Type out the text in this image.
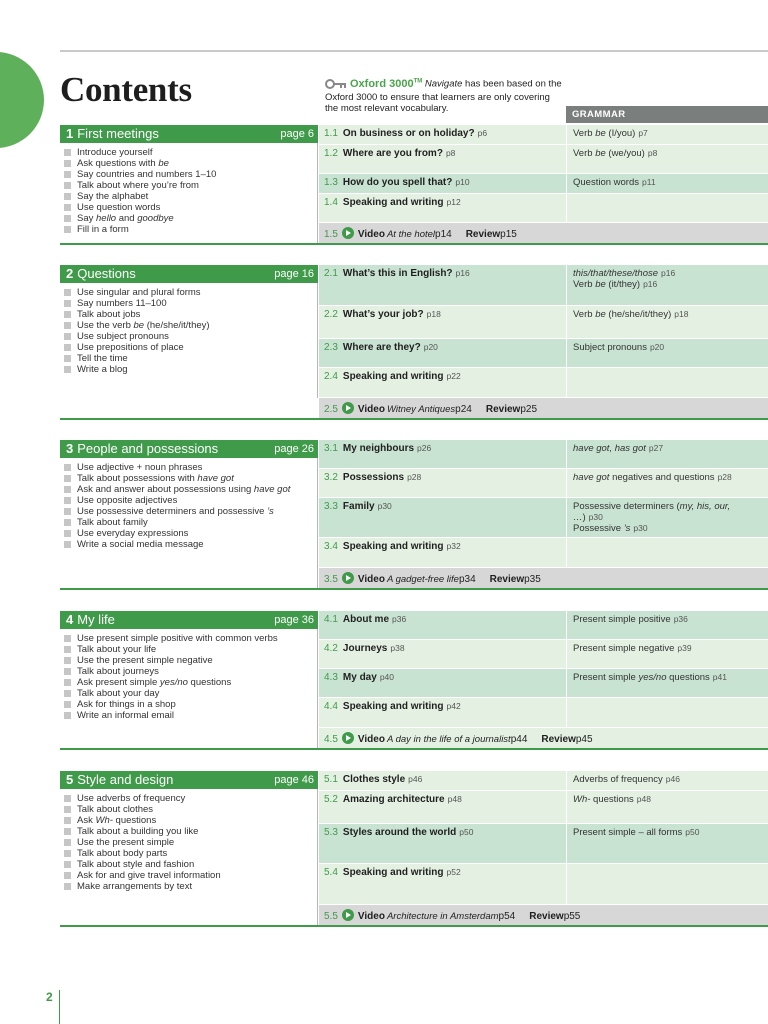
Contents	Oxford 3000™ Navigate has been based on the Oxford 3000 to ensure that learners are only covering the most relevant vocabulary.
GRAMMAR
1 First meetings	page 6
Introduce yourself
Ask questions with be
Say countries and numbers 1–10
Talk about where you’re from
Say the alphabet
Use question words
Say hello and goodbye
Fill in a form
1.1 On business or on holiday? p6	Verb be (I/you) p7
1.2 Where are you from? p8	Verb be (we/you) p8
1.3 How do you spell that? p10	Question words p11
1.4 Speaking and writing p12
1.5 Video At the hotelp14 Reviewp15
2 Questions	page 16
Use singular and plural forms
Say numbers 11–100
Talk about jobs
Use the verb be (he/she/it/they)
Use subject pronouns
Use prepositions of place
Tell the time
Write a blog
2.1 What’s this in English? p16	this/that/these/those p16
Verb be (it/they) p16
2.2 What’s your job? p18	Verb be (he/she/it/they) p18
2.3 Where are they? p20	Subject pronouns p20
2.4 Speaking and writing p22
2.5 Video Witney Antiquesp24 Reviewp25
3 People and possessions	page 26
Use adjective + noun phrases
Talk about possessions with have got
Ask and answer about possessions using have got
Use opposite adjectives
Use possessive determiners and possessive ’s
Talk about family
Use everyday expressions
Write a social media message
3.1 My neighbours p26	have got, has got p27
3.2 Possessions p28	have got negatives and questions p28
3.3 Family p30	Possessive determiners (my, his, our, …) p30
Possessive ’s p30
3.4 Speaking and writing p32
3.5 Video A gadget-free lifep34 Reviewp35
4 My life	page 36
Use present simple positive with common verbs
Talk about your life
Use the present simple negative
Talk about journeys
Ask present simple yes/no questions
Talk about your day
Ask for things in a shop
Write an informal email
4.1 About me p36	Present simple positive p36
4.2 Journeys p38	Present simple negative p39
4.3 My day p40	Present simple yes/no questions p41
4.4 Speaking and writing p42
4.5 Video A day in the life of a journalistp44 Reviewp45
5 Style and design	page 46
Use adverbs of frequency
Talk about clothes
Ask Wh- questions
Talk about a building you like
Use the present simple
Talk about body parts
Talk about style and fashion
Ask for and give travel information
Make arrangements by text
5.1 Clothes style p46	Adverbs of frequency p46
5.2 Amazing architecture p48	Wh- questions p48
5.3 Styles around the world p50	Present simple – all forms p50
5.4 Speaking and writing p52
5.5 Video Architecture in Amsterdamp54 Reviewp55
2
